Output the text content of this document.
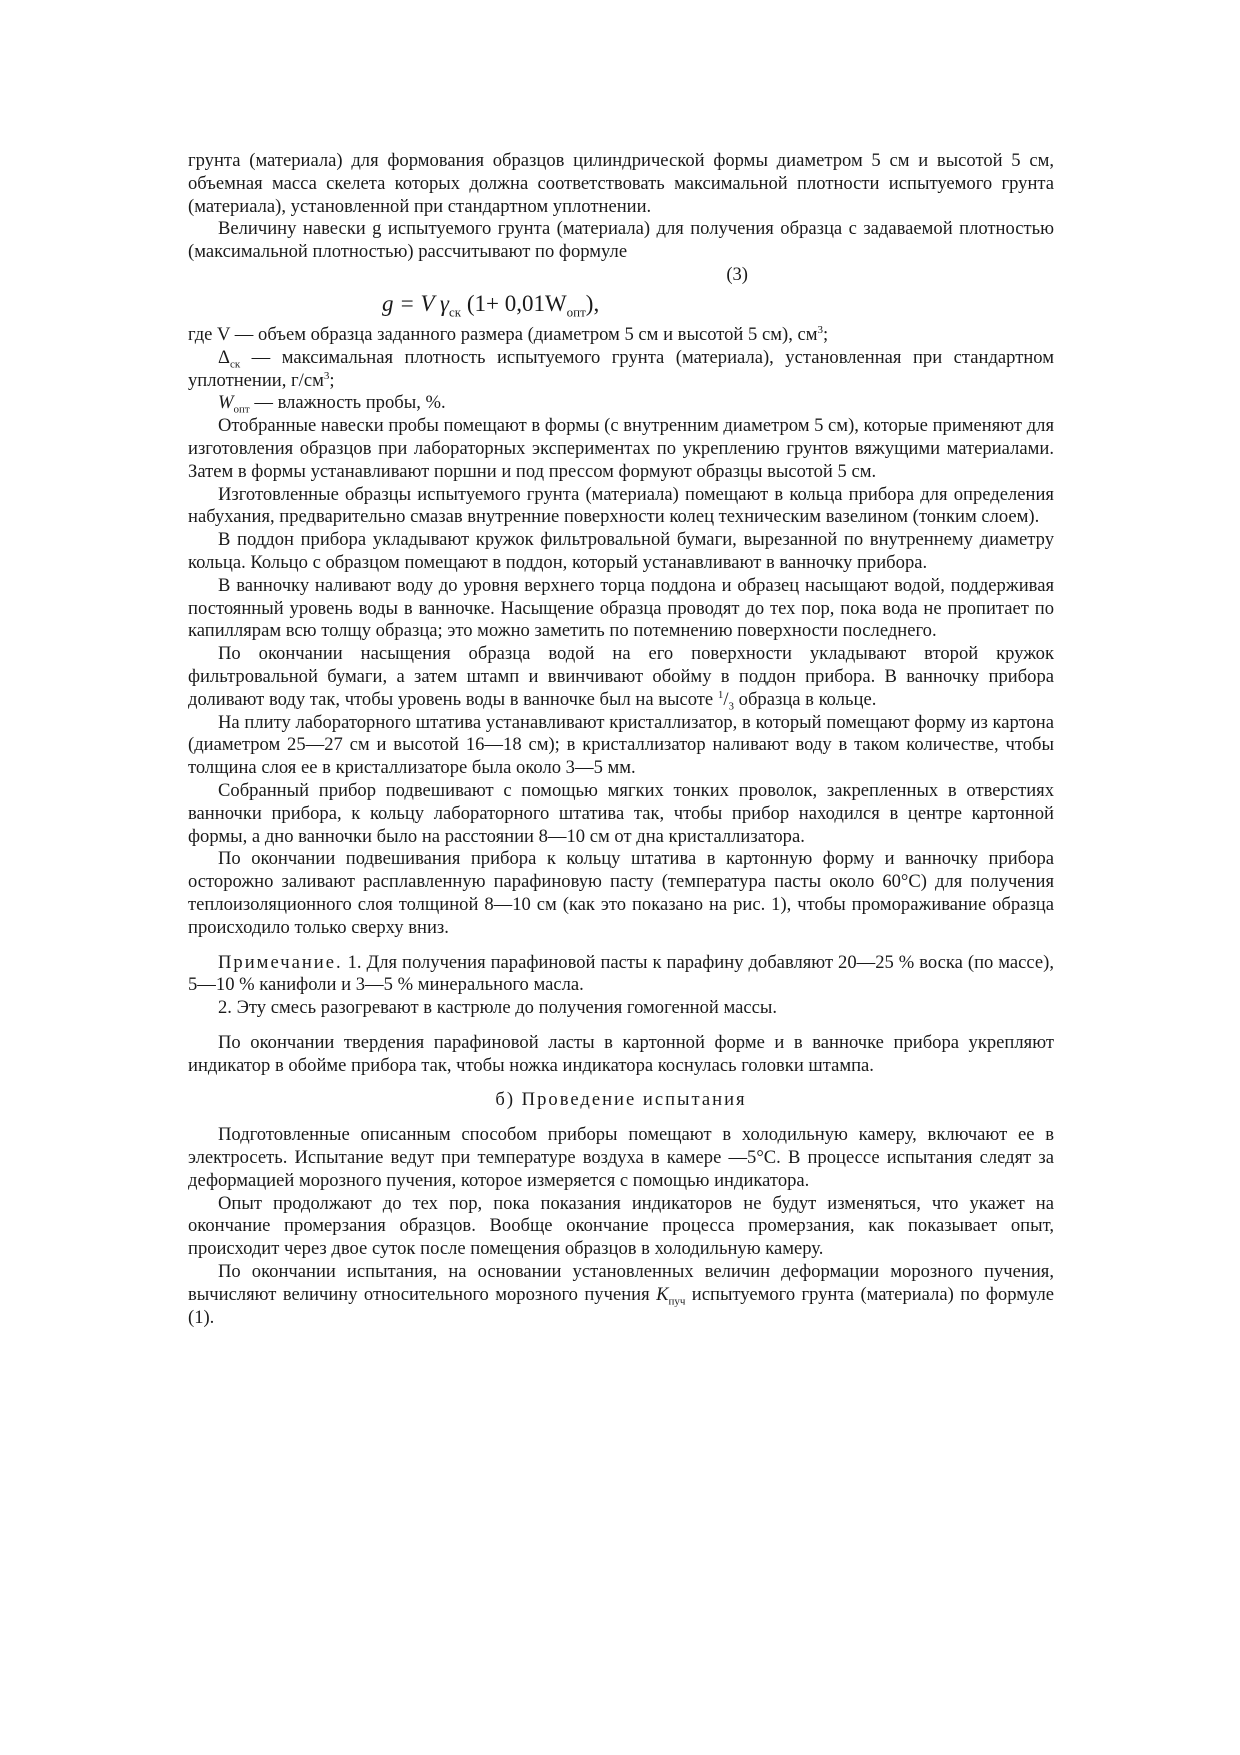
грунта (материала) для формования образцов цилиндрической формы диаметром 5 см и высотой 5 см, объемная масса скелета которых должна соответствовать максимальной плотности испытуемого грунта (материала), установленной при стандартном уплотнении.

Величину навески g испытуемого грунта (материала) для получения образца с задаваемой плотностью (максимальной плотностью) рассчитывают по формуле

(3)
g = V $\gamma_{ск}$ $(1+ 0,01W_{опт})$,

где V — объем образца заданного размера (диаметром 5 см и высотой 5 см), $см^3$;

$\Delta_{ск}$ — максимальная плотность испытуемого грунта (материала), установленная при стандартном уплотнении, $г/см^3$;

$W_{опт}$ — влажность пробы, %.

Отобранные навески пробы помещают в формы (с внутренним диаметром 5 см), которые применяют для изготовления образцов при лабораторных экспериментах по укреплению грунтов вяжущими материалами. Затем в формы устанавливают поршни и под прессом формуют образцы высотой 5 см.

Изготовленные образцы испытуемого грунта (материала) помещают в кольца прибора для определения набухания, предварительно смазав внутренние поверхности колец техническим вазелином (тонким слоем).

В поддон прибора укладывают кружок фильтровальной бумаги, вырезанной по внутреннему диаметру кольца. Кольцо с образцом помещают в поддон, который устанавливают в ванночку прибора.

В ванночку наливают воду до уровня верхнего торца поддона и образец насыщают водой, поддерживая постоянный уровень воды в ванночке. Насыщение образца проводят до тех пор, пока вода не пропитает по капиллярам всю толщу образца; это можно заметить по потемнению поверхности последнего.

По окончании насыщения образца водой на его поверхности укладывают второй кружок фильтровальной бумаги, а затем штамп и ввинчивают обойму в поддон прибора. В ванночку прибора доливают воду так, чтобы уровень воды в ванночке был на высоте $^1/_3$ образца в кольце.

На плиту лабораторного штатива устанавливают кристаллизатор, в который помещают форму из картона (диаметром 25—27 см и высотой 16—18 см); в кристаллизатор наливают воду в таком количестве, чтобы толщина слоя ее в кристаллизаторе была около 3—5 мм.

Собранный прибор подвешивают с помощью мягких тонких проволок, закрепленных в отверстиях ванночки прибора, к кольцу лабораторного штатива так, чтобы прибор находился в центре картонной формы, а дно ванночки было на расстоянии 8—10 см от дна кристаллизатора.

По окончании подвешивания прибора к кольцу штатива в картонную форму и ванночку прибора осторожно заливают расплавленную парафиновую пасту (температура пасты около 60°С) для получения теплоизоляционного слоя толщиной 8—10 см (как это показано на рис. 1), чтобы промораживание образца происходило только сверху вниз.

Примечание. 1. Для получения парафиновой пасты к парафину добавляют 20—25 % воска (по массе), 5—10 % канифоли и 3—5 % минерального масла.

2. Эту смесь разогревают в кастрюле до получения гомогенной массы.

По окончании твердения парафиновой ласты в картонной форме и в ванночке прибора укрепляют индикатор в обойме прибора так, чтобы ножка индикатора коснулась головки штампа.

б) Проведение испытания

Подготовленные описанным способом приборы помещают в холодильную камеру, включают ее в электросеть. Испытание ведут при температуре воздуха в камере —5°С. В процессе испытания следят за деформацией морозного пучения, которое измеряется с помощью индикатора.

Опыт продолжают до тех пор, пока показания индикаторов не будут изменяться, что укажет на окончание промерзания образцов. Вообще окончание процесса промерзания, как показывает опыт, происходит через двое суток после помещения образцов в холодильную камеру.

По окончании испытания, на основании установленных величин деформации морозного пучения, вычисляют величину относительного морозного пучения $K_{пуч}$ испытуемого грунта (материала) по формуле (1).
